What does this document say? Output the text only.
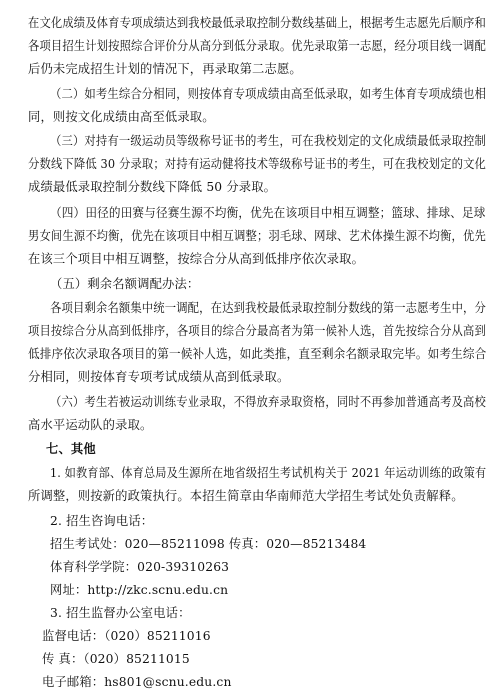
在文化成绩及体育专项成绩达到我校最低录取控制分数线基础上，根据考生志愿先后顺序和
各项目招生计划按照综合评价分从高分到低分录取。优先录取第一志愿，经分项目线一调配
后仍未完成招生计划的情况下，再录取第二志愿。
（二）如考生综合分相同，则按体育专项成绩由高至低录取，如考生体育专项成绩也相
同，则按文化成绩由高至低录取。
（三）对持有一级运动员等级称号证书的考生，可在我校划定的文化成绩最低录取控制
分数线下降低 30 分录取；对持有运动健将技术等级称号证书的考生，可在我校划定的文化
成绩最低录取控制分数线下降低 50 分录取。
（四）田径的田赛与径赛生源不均衡，优先在该项目中相互调整；篮球、排球、足球
男女间生源不均衡，优先在该项目中相互调整；羽毛球、网球、艺术体操生源不均衡，优先
在该三个项目中相互调整，按综合分从高到低排序依次录取。
（五）剩余名额调配办法：
各项目剩余名额集中统一调配，在达到我校最低录取控制分数线的第一志愿考生中，分
项目按综合分从高到低排序，各项目的综合分最高者为第一候补人选，首先按综合分从高到
低排序依次录取各项目的第一候补人选，如此类推，直至剩余名额录取完毕。如考生综合
分相同，则按体育专项考试成绩从高到低录取。
（六）考生若被运动训练专业录取，不得放弃录取资格，同时不再参加普通高考及高校
高水平运动队的录取。
七、其他
1. 如教育部、体育总局及生源所在地省级招生考试机构关于 2021 年运动训练的政策有
所调整，则按新的政策执行。本招生简章由华南师范大学招生考试处负责解释。
2. 招生咨询电话：
招生考试处：020—85211098 传真：020—85213484
体育科学学院：020-39310263
网址：http://zkc.scnu.edu.cn
3. 招生监督办公室电话：
监督电话：（020）85211016
传 真：（020）85211015
电子邮箱：hs801@scnu.edu.cn
